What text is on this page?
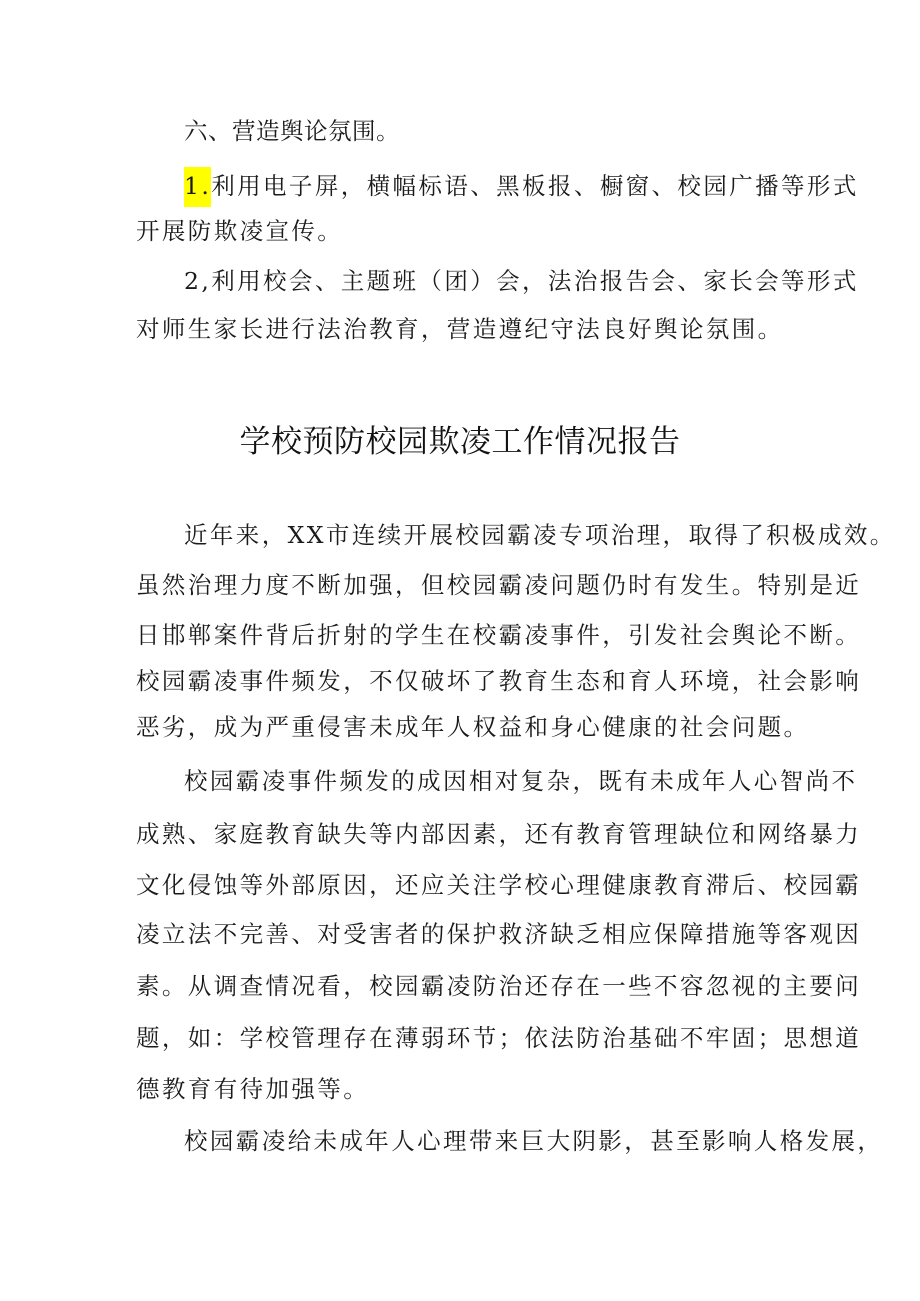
六、营造舆论氛围。
1.利用电子屏，横幅标语、黑板报、橱窗、校园广播等形式
开展防欺凌宣传。
2,利用校会、主题班（团）会，法治报告会、家长会等形式
对师生家长进行法治教育，营造遵纪守法良好舆论氛围。
学校预防校园欺凌工作情况报告
近年来，XX市连续开展校园霸凌专项治理，取得了积极成效。
虽然治理力度不断加强，但校园霸凌问题仍时有发生。特别是近
日邯郸案件背后折射的学生在校霸凌事件，引发社会舆论不断。
校园霸凌事件频发，不仅破坏了教育生态和育人环境，社会影响
恶劣，成为严重侵害未成年人权益和身心健康的社会问题。
校园霸凌事件频发的成因相对复杂，既有未成年人心智尚不
成熟、家庭教育缺失等内部因素，还有教育管理缺位和网络暴力
文化侵蚀等外部原因，还应关注学校心理健康教育滞后、校园霸
凌立法不完善、对受害者的保护救济缺乏相应保障措施等客观因
素。从调查情况看，校园霸凌防治还存在一些不容忽视的主要问
题，如：学校管理存在薄弱环节；依法防治基础不牢固；思想道
德教育有待加强等。
校园霸凌给未成年人心理带来巨大阴影，甚至影响人格发展，
